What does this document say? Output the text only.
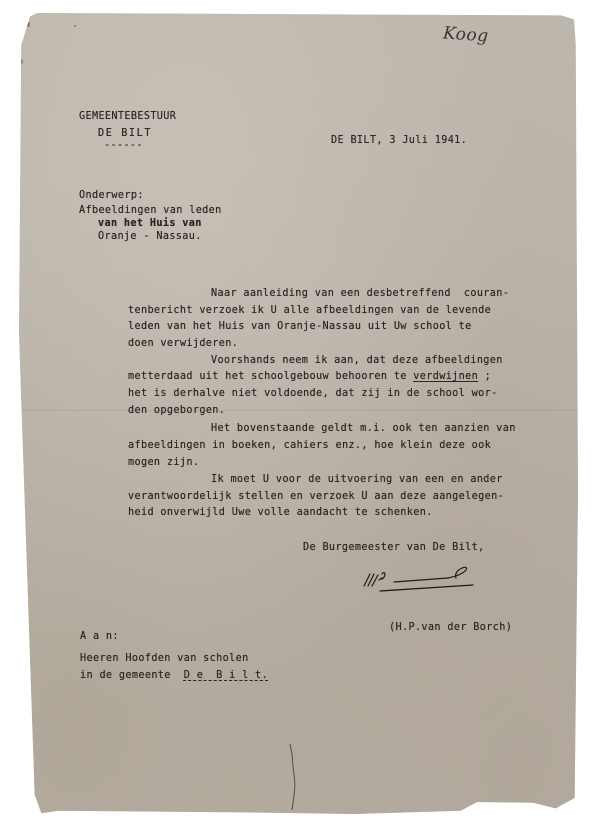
Koog
GEMEENTEBESTUUR
DE BILT
------	DE BILT, 3 Juli 1941.
Onderwerp:
Afbeeldingen van leden
van het Huis van
Oranje - Nassau.
Naar aanleiding van een desbetreffend  couran-
tenbericht verzoek ik U alle afbeeldingen van de levende
leden van het Huis van Oranje-Nassau uit Uw school te
doen verwijderen.
Voorshands neem ik aan, dat deze afbeeldingen
metterdaad uit het schoolgebouw behooren te verdwijnen ;
het is derhalve niet voldoende, dat zij in de school wor-
den opgeborgen.
Het bovenstaande geldt m.i. ook ten aanzien van
afbeeldingen in boeken, cahiers enz., hoe klein deze ook
mogen zijn.
Ik moet U voor de uitvoering van een en ander
verantwoordelijk stellen en verzoek U aan deze aangelegen-
heid onverwijld Uwe volle aandacht te schenken.
De Burgemeester van De Bilt,
(H.P.van der Borch)
A a n:
Heeren Hoofden van scholen
in de gemeente  D e  B i l t.
